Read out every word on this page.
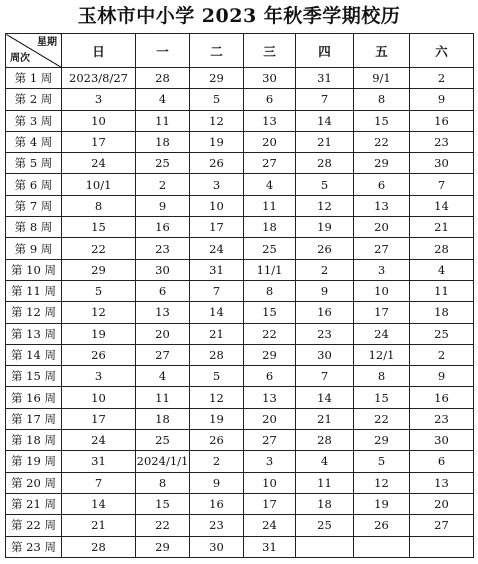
玉林市中小学 2023 年秋季学期校历
星期
周次	日	一	二	三	四	五	六
第 1 周	2023/8/27	28	29	30	31	9/1	2
第 2 周	3	4	5	6	7	8	9
第 3 周	10	11	12	13	14	15	16
第 4 周	17	18	19	20	21	22	23
第 5 周	24	25	26	27	28	29	30
第 6 周	10/1	2	3	4	5	6	7
第 7 周	8	9	10	11	12	13	14
第 8 周	15	16	17	18	19	20	21
第 9 周	22	23	24	25	26	27	28
第 10 周	29	30	31	11/1	2	3	4
第 11 周	5	6	7	8	9	10	11
第 12 周	12	13	14	15	16	17	18
第 13 周	19	20	21	22	23	24	25
第 14 周	26	27	28	29	30	12/1	2
第 15 周	3	4	5	6	7	8	9
第 16 周	10	11	12	13	14	15	16
第 17 周	17	18	19	20	21	22	23
第 18 周	24	25	26	27	28	29	30
第 19 周	31	2024/1/1	2	3	4	5	6
第 20 周	7	8	9	10	11	12	13
第 21 周	14	15	16	17	18	19	20
第 22 周	21	22	23	24	25	26	27
第 23 周	28	29	30	31			
